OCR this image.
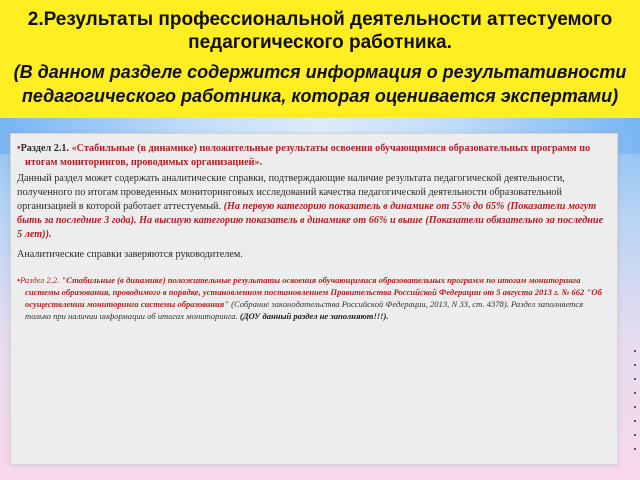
2.Результаты профессиональной деятельности аттестуемого
педагогического работника.
(В данном разделе содержится информация о результативности
педагогического работника, которая оценивается экспертами)

•Раздел 2.1. «Стабильные (в динамике) положительные результаты освоения обучающимися образовательных программ по итогам мониторингов, проводимых организацией».

Данный раздел может содержать аналитические справки, подтверждающие наличие результата педагогической деятельности, полученного по итогам проведенных мониторинговых исследований качества педагогической деятельности образовательной организацией в которой работает аттестуемый. (На первую категорию показатель в динамике от 55% до 65% (Показатели могут быть за последние 3 года). На высшую категорию показатель в динамике от 66% и выше (Показатели обязательно за последние 5 лет)).

Аналитические справки заверяются руководителем.

•Раздел 2.2. "Стабильные (в динамике) положительные результаты освоения обучающимися образовательных программ по итогам мониторинга системы образования, проводимого в порядке, установленном постановлением Правительства Российской Федерации от 5 августа 2013 г. № 662 "Об осуществлении мониторинга системы образования" (Собрание законодательства Российской Федерации, 2013, N 33, ст. 4378). Раздел заполняется только при наличии информации об итогах мониторинга. (ДОУ данный раздел не заполняют!!!).
